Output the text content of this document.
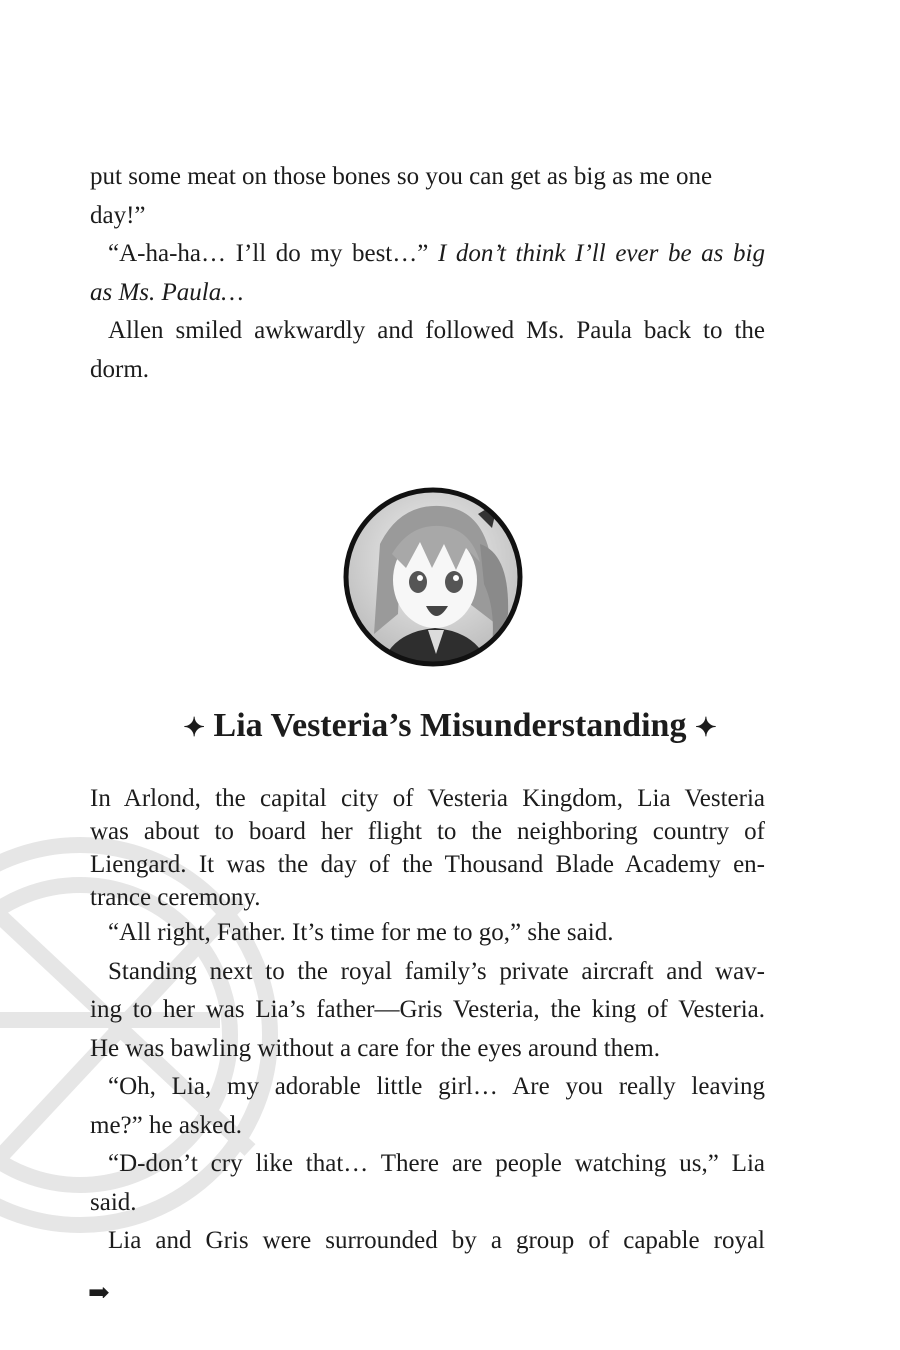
put some meat on those bones so you can get as big as me one
day!”
“A-ha-ha… I’ll do my best…” I don’t think I’ll ever be as big
as Ms. Paula…
Allen smiled awkwardly and followed Ms. Paula back to the
dorm.
✦ Lia Vesteria’s Misunderstanding ✦
In Arlond, the capital city of Vesteria Kingdom, Lia Vesteria
was about to board her flight to the neighboring country of
Liengard. It was the day of the Thousand Blade Academy en-
trance ceremony.
“All right, Father. It’s time for me to go,” she said.
Standing next to the royal family’s private aircraft and wav-
ing to her was Lia’s father—Gris Vesteria, the king of Vesteria.
He was bawling without a care for the eyes around them.
“Oh, Lia, my adorable little girl… Are you really leaving
me?” he asked.
“D-don’t cry like that… There are people watching us,” Lia
said.
Lia and Gris were surrounded by a group of capable royal
➡
